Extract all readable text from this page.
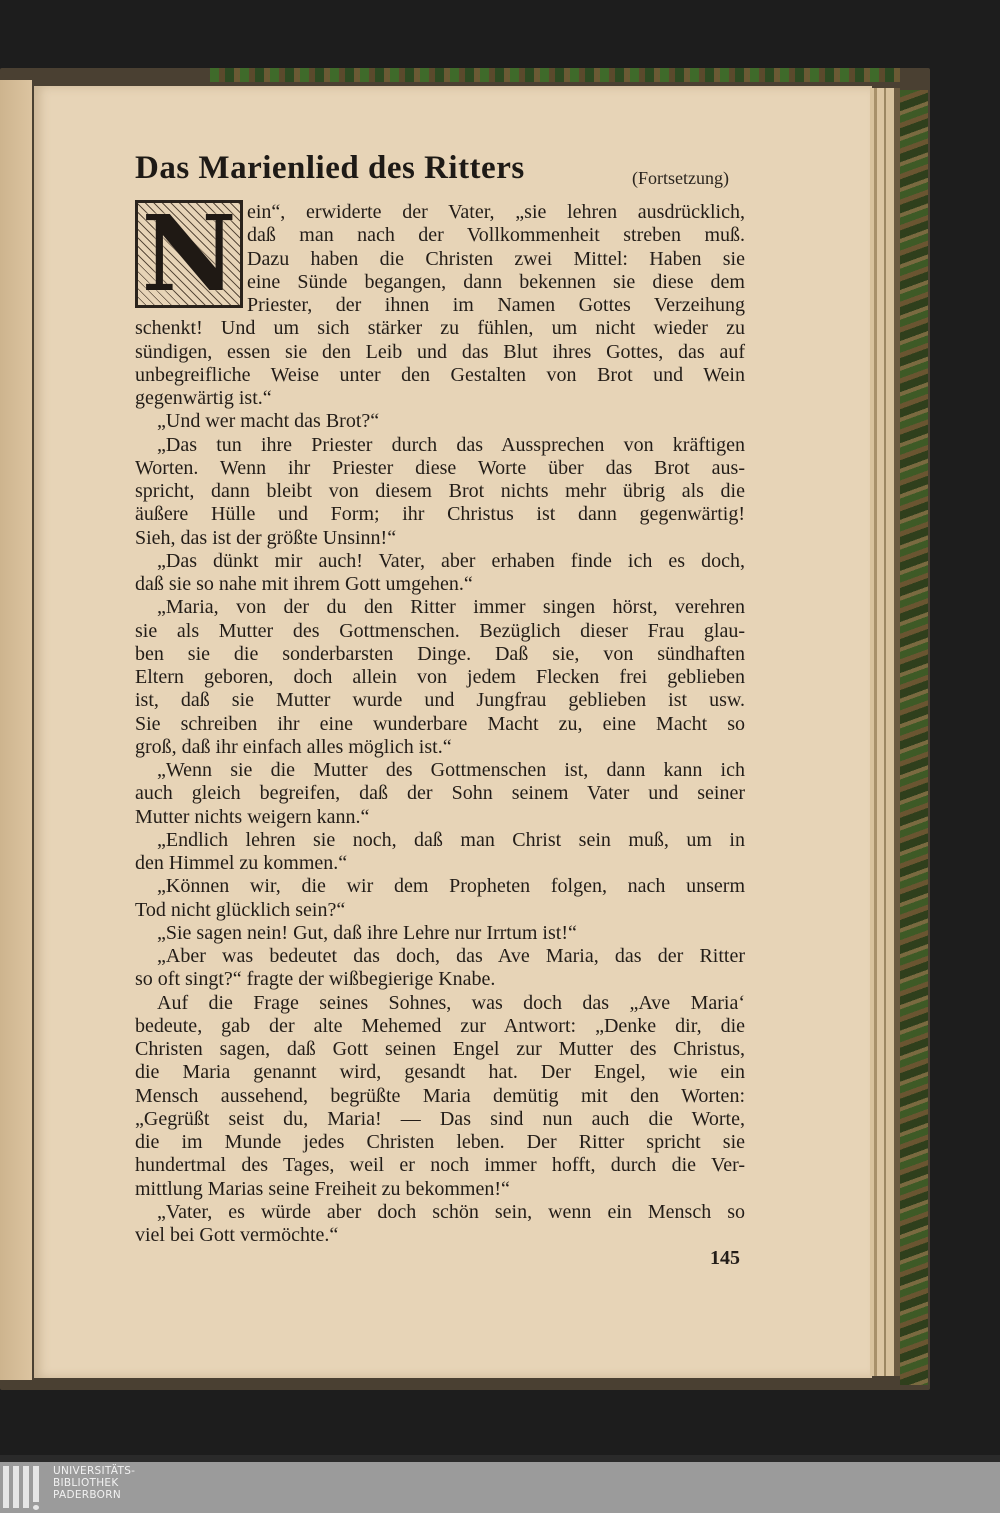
Das Marienlied des Ritters	(Fortsetzung)
N ein“, erwiderte der Vater, „sie lehren ausdrücklich,
daß man nach der Vollkommenheit streben muß.
Dazu haben die Christen zwei Mittel: Haben sie
eine Sünde begangen, dann bekennen sie diese dem
Priester, der ihnen im Namen Gottes Verzeihung
schenkt! Und um sich stärker zu fühlen, um nicht wieder zu
sündigen, essen sie den Leib und das Blut ihres Gottes, das auf
unbegreifliche Weise unter den Gestalten von Brot und Wein
gegenwärtig ist.“
„Und wer macht das Brot?“
„Das tun ihre Priester durch das Aussprechen von kräftigen
Worten. Wenn ihr Priester diese Worte über das Brot aus-
spricht, dann bleibt von diesem Brot nichts mehr übrig als die
äußere Hülle und Form; ihr Christus ist dann gegenwärtig!
Sieh, das ist der größte Unsinn!“
„Das dünkt mir auch! Vater, aber erhaben finde ich es doch,
daß sie so nahe mit ihrem Gott umgehen.“
„Maria, von der du den Ritter immer singen hörst, verehren
sie als Mutter des Gottmenschen. Bezüglich dieser Frau glau-
ben sie die sonderbarsten Dinge. Daß sie, von sündhaften
Eltern geboren, doch allein von jedem Flecken frei geblieben
ist, daß sie Mutter wurde und Jungfrau geblieben ist usw.
Sie schreiben ihr eine wunderbare Macht zu, eine Macht so
groß, daß ihr einfach alles möglich ist.“
„Wenn sie die Mutter des Gottmenschen ist, dann kann ich
auch gleich begreifen, daß der Sohn seinem Vater und seiner
Mutter nichts weigern kann.“
„Endlich lehren sie noch, daß man Christ sein muß, um in
den Himmel zu kommen.“
„Können wir, die wir dem Propheten folgen, nach unserm
Tod nicht glücklich sein?“
„Sie sagen nein! Gut, daß ihre Lehre nur Irrtum ist!“
„Aber was bedeutet das doch, das Ave Maria, das der Ritter
so oft singt?“ fragte der wißbegierige Knabe.
Auf die Frage seines Sohnes, was doch das „Ave Maria‘
bedeute, gab der alte Mehemed zur Antwort: „Denke dir, die
Christen sagen, daß Gott seinen Engel zur Mutter des Christus,
die Maria genannt wird, gesandt hat. Der Engel, wie ein
Mensch aussehend, begrüßte Maria demütig mit den Worten:
„Gegrüßt seist du, Maria! — Das sind nun auch die Worte,
die im Munde jedes Christen leben. Der Ritter spricht sie
hundertmal des Tages, weil er noch immer hofft, durch die Ver-
mittlung Marias seine Freiheit zu bekommen!“
„Vater, es würde aber doch schön sein, wenn ein Mensch so
viel bei Gott vermöchte.“
145
UNIVERSITÄTS-
BIBLIOTHEK
PADERBORN
